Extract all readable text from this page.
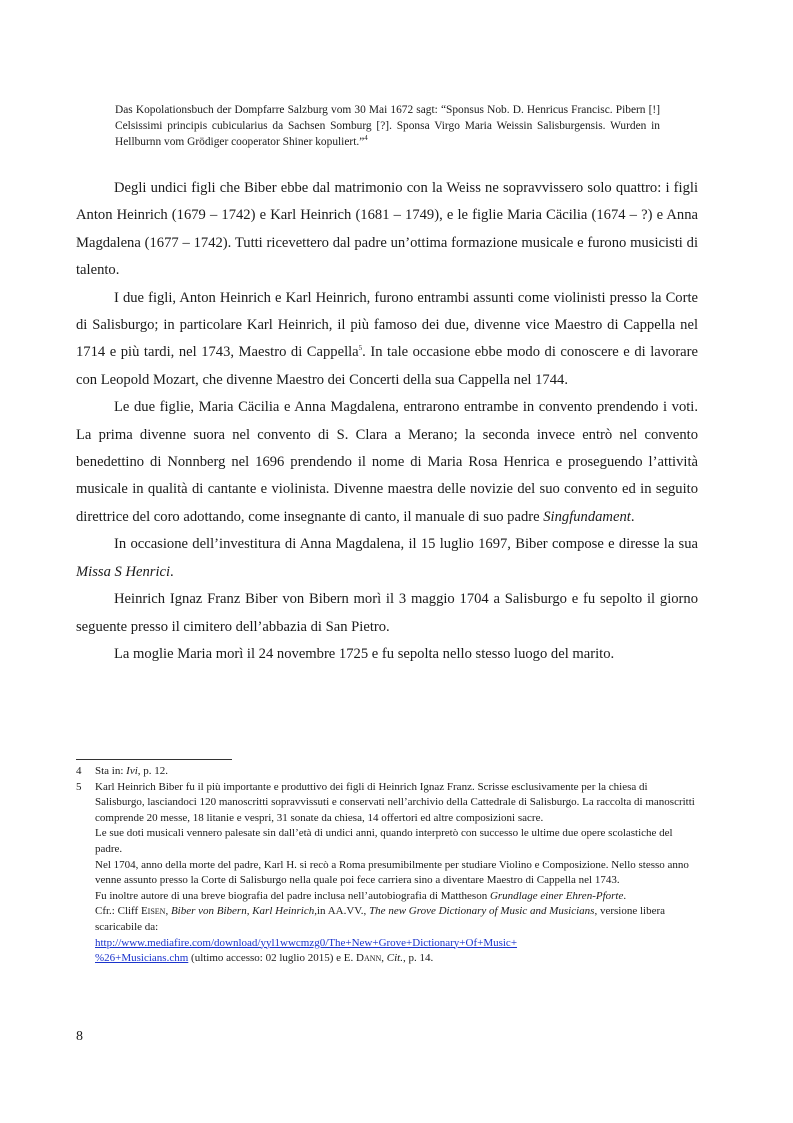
Das Kopolationsbuch der Dompfarre Salzburg vom 30 Mai 1672 sagt: “Sponsus Nob. D. Henricus Francisc. Pibern [!] Celsissimi principis cubicularius da Sachsen Somburg [?]. Sponsa Virgo Maria Weissin Salisburgensis. Wurden in Hellburnn vom Grödiger cooperator Shiner kopuliert.”$^4$

Degli undici figli che Biber ebbe dal matrimonio con la Weiss ne sopravvissero solo quattro: i figli Anton Heinrich (1679 – 1742) e Karl Heinrich (1681 – 1749), e le figlie Maria Cäcilia (1674 – ?) e Anna Magdalena (1677 – 1742). Tutti ricevettero dal padre un’ottima formazione musicale e furono musicisti di talento.

I due figli, Anton Heinrich e Karl Heinrich, furono entrambi assunti come violinisti presso la Corte di Salisburgo; in particolare Karl Heinrich, il più famoso dei due, divenne vice Maestro di Cappella nel 1714 e più tardi, nel 1743, Maestro di Cappella$^5$. In tale occasione ebbe modo di conoscere e di lavorare con Leopold Mozart, che divenne Maestro dei Concerti della sua Cappella nel 1744.

Le due figlie, Maria Cäcilia e Anna Magdalena, entrarono entrambe in convento prendendo i voti. La prima divenne suora nel convento di S. Clara a Merano; la seconda invece entrò nel convento benedettino di Nonnberg nel 1696 prendendo il nome di Maria Rosa Henrica e proseguendo l’attività musicale in qualità di cantante e violinista. Divenne maestra delle novizie del suo convento ed in seguito direttrice del coro adottando, come insegnante di canto, il manuale di suo padre Singfundament.

In occasione dell’investitura di Anna Magdalena, il 15 luglio 1697, Biber compose e diresse la sua Missa S Henrici.

Heinrich Ignaz Franz Biber von Bibern morì il 3 maggio 1704 a Salisburgo e fu sepolto il giorno seguente presso il cimitero dell’abbazia di San Pietro.

La moglie Maria morì il 24 novembre 1725 e fu sepolta nello stesso luogo del marito.

4 Sta in: Ivi, p. 12.

5 Karl Heinrich Biber fu il più importante e produttivo dei figli di Heinrich Ignaz Franz. Scrisse esclusivamente per la chiesa di Salisburgo, lasciandoci 120 manoscritti sopravvissuti e conservati nell’archivio della Cattedrale di Salisburgo. La raccolta di manoscritti comprende 20 messe, 18 litanie e vespri, 31 sonate da chiesa, 14 offertori ed altre composizioni sacre.

Le sue doti musicali vennero palesate sin dall’età di undici anni, quando interpretò con successo le ultime due opere scolastiche del padre.

Nel 1704, anno della morte del padre, Karl H. si recò a Roma presumibilmente per studiare Violino e Composizione. Nello stesso anno venne assunto presso la Corte di Salisburgo nella quale poi fece carriera sino a diventare Maestro di Cappella nel 1743.

Fu inoltre autore di una breve biografia del padre inclusa nell’autobiografia di Mattheson Grundlage einer Ehren-Pforte.

Cfr.: Cliff Eisen, Biber von Bibern, Karl Heinrich,in AA.VV., The new Grove Dictionary of Music and Musicians, versione libera scaricabile da:
http://www.mediafire.com/download/yyl1wwcmzg0/The+New+Grove+Dictionary+Of+Music+
%26+Musicians.chm (ultimo accesso: 02 luglio 2015) e E. Dann, Cit., p. 14.

8
